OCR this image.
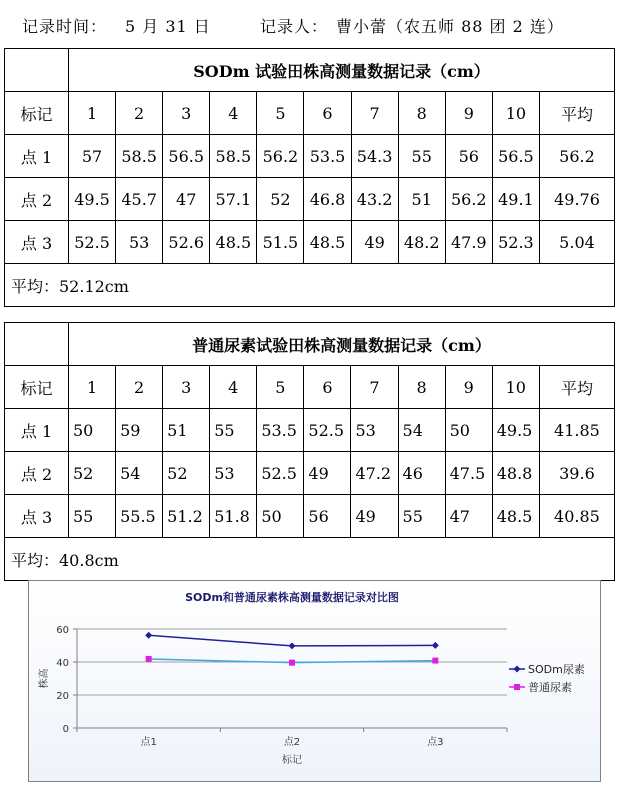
记录时间： 5 月 31 日	记录人： 曹小蕾（农五师 88 团 2 连）
	SODm 试验田株高测量数据记录（cm）										
标记	1	2	3	4	5	6	7	8	9	10	平均
点 1	57	58.5	56.5	58.5	56.2	53.5	54.3	55	56	56.5	56.2
点 2	49.5	45.7	47	57.1	52	46.8	43.2	51	56.2	49.1	49.76
点 3	52.5	53	52.6	48.5	51.5	48.5	49	48.2	47.9	52.3	5.04
平均：52.12cm											
	普通尿素试验田株高测量数据记录（cm）										
标记	1	2	3	4	5	6	7	8	9	10	平均
点 1	50	59	51	55	53.5	52.5	53	54	50	49.5	41.85
点 2	52	54	52	53	52.5	49	47.2	46	47.5	48.8	39.6
点 3	55	55.5	51.2	51.8	50	56	49	55	47	48.5	40.85
平均：40.8cm											
SODm和普通尿素株高测量数据记录对比图
0
20
40
60
点1	点2	点3
标记
株高	SODm尿素
普通尿素
